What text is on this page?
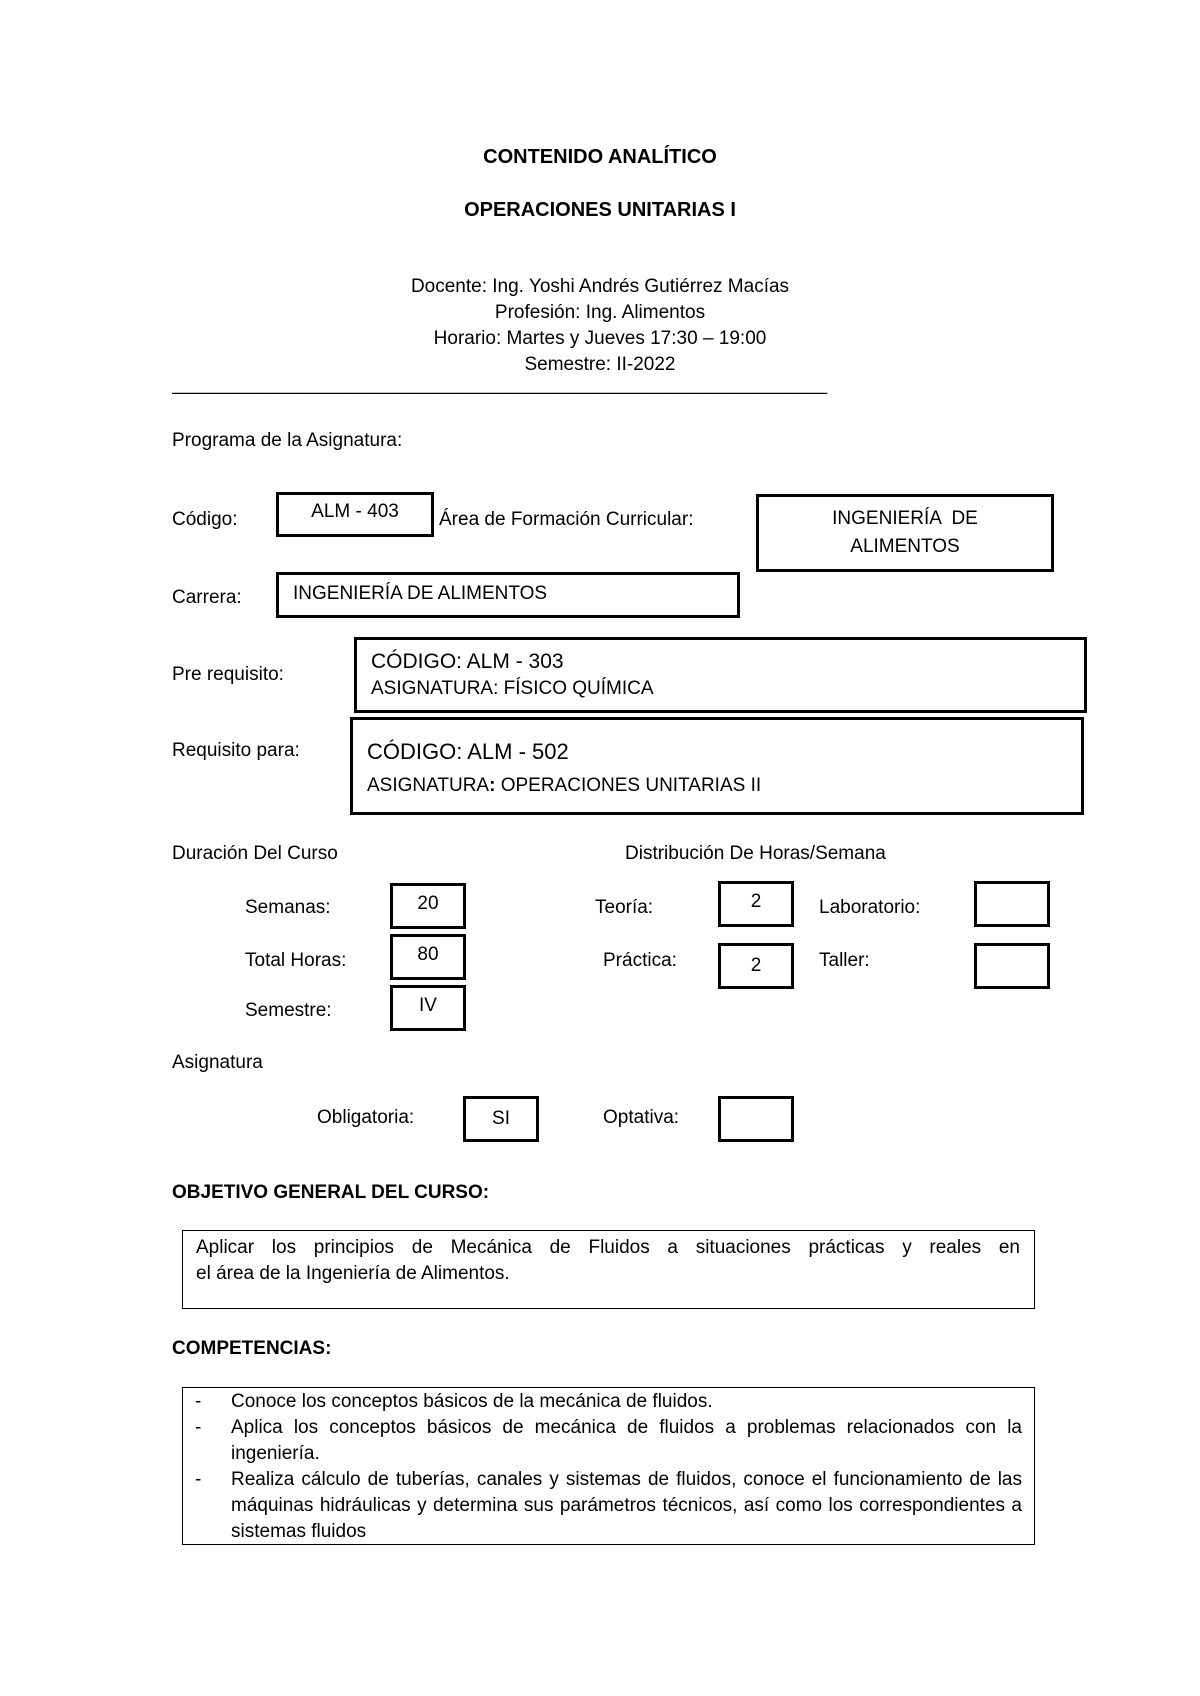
CONTENIDO ANALÍTICO
OPERACIONES UNITARIAS I
Docente: Ing. Yoshi Andrés Gutiérrez Macías
Profesión: Ing. Alimentos
Horario: Martes y Jueves 17:30 – 19:00
Semestre: II-2022
______________________________________________________________
Programa de la Asignatura:
Código:	ALM - 403 Área de Formación Curricular:	INGENIERÍA  DE
ALIMENTOS
Carrera:	INGENIERÍA DE ALIMENTOS
Pre requisito:
CÓDIGO: ALM - 303
ASIGNATURA: FÍSICO QUÍMICA
Requisito para:	CÓDIGO: ALM - 502
ASIGNATURA: OPERACIONES UNITARIAS II
Duración Del Curso	Distribución De Horas/Semana
Semanas:	20	Teoría:	2	Laboratorio:
Total Horas:	80	Práctica:	2	Taller:
Semestre:	IV
Asignatura
Obligatoria:	SI	Optativa:
OBJETIVO GENERAL DEL CURSO:
Aplicar los principios de Mecánica de Fluidos a situaciones prácticas y reales en
el área de la Ingeniería de Alimentos.
COMPETENCIAS:
- Conoce los conceptos básicos de la mecánica de fluidos.
- Aplica los conceptos básicos de mecánica de fluidos a problemas relacionados con la ingeniería.
- Realiza cálculo de tuberías, canales y sistemas de fluidos, conoce el funcionamiento de las máquinas hidráulicas y determina sus parámetros técnicos, así como los correspondientes a sistemas fluidos
